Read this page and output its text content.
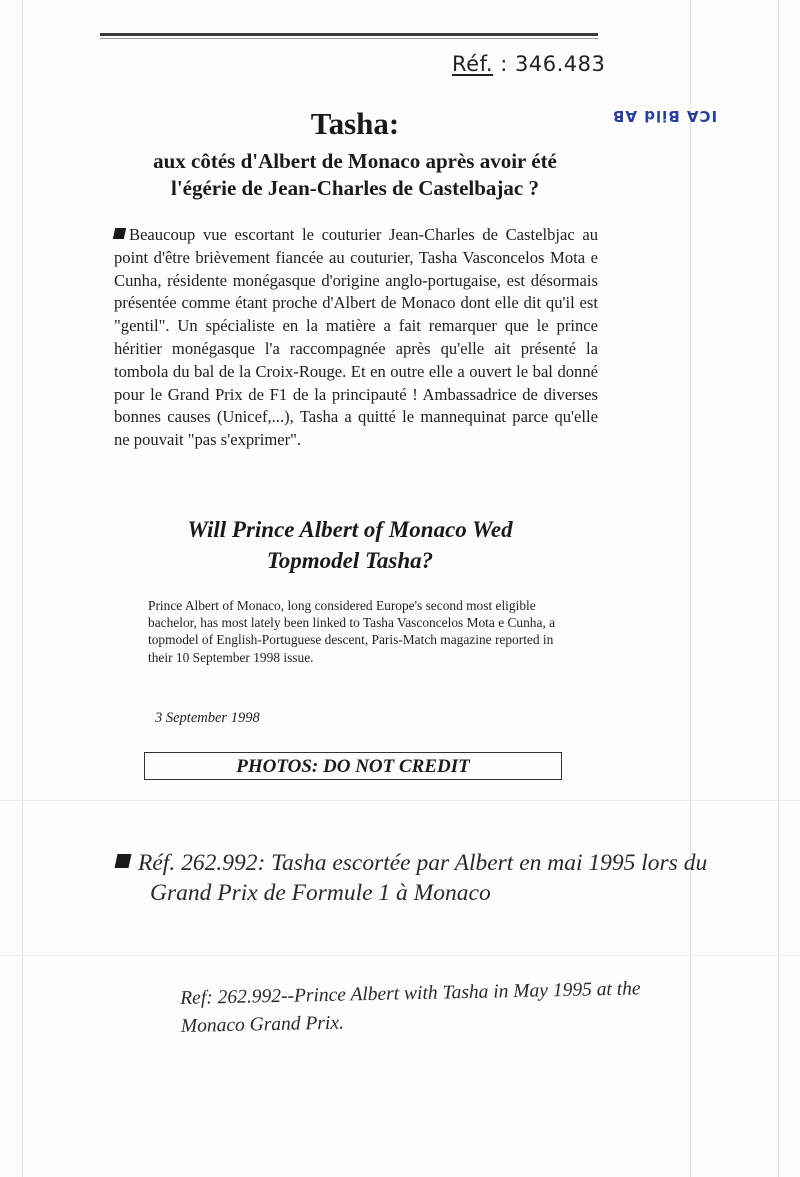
Réf. : 346.483
ICA Bild AB
Tasha:
aux côtés d'Albert de Monaco après avoir été
l'égérie de Jean-Charles de Castelbajac ?
Beaucoup vue escortant le couturier Jean-Charles de Castelbjac au point d'être brièvement fiancée au couturier, Tasha Vasconcelos Mota e Cunha, résidente monégasque d'origine anglo-portugaise, est désormais présentée comme étant proche d'Albert de Monaco dont elle dit qu'il est "gentil". Un spécialiste en la matière a fait remarquer que le prince héritier monégasque l'a raccompagnée après qu'elle ait présenté la tombola du bal de la Croix-Rouge. Et en outre elle a ouvert le bal donné pour le Grand Prix de F1 de la principauté ! Ambassadrice de diverses bonnes causes (Unicef,...), Tasha a quitté le mannequinat parce qu'elle ne pouvait "pas s'exprimer".
Will Prince Albert of Monaco Wed
Topmodel Tasha?
Prince Albert of Monaco, long considered Europe's second most eligible bachelor, has most lately been linked to Tasha Vasconcelos Mota e Cunha, a topmodel of English-Portuguese descent, Paris-Match magazine reported in their 10 September 1998 issue.
3 September 1998
PHOTOS: DO NOT CREDIT
Réf. 262.992: Tasha escortée par Albert en mai 1995 lors du
Grand Prix de Formule 1 à Monaco
Ref: 262.992--Prince Albert with Tasha in May 1995 at the
Monaco Grand Prix.
